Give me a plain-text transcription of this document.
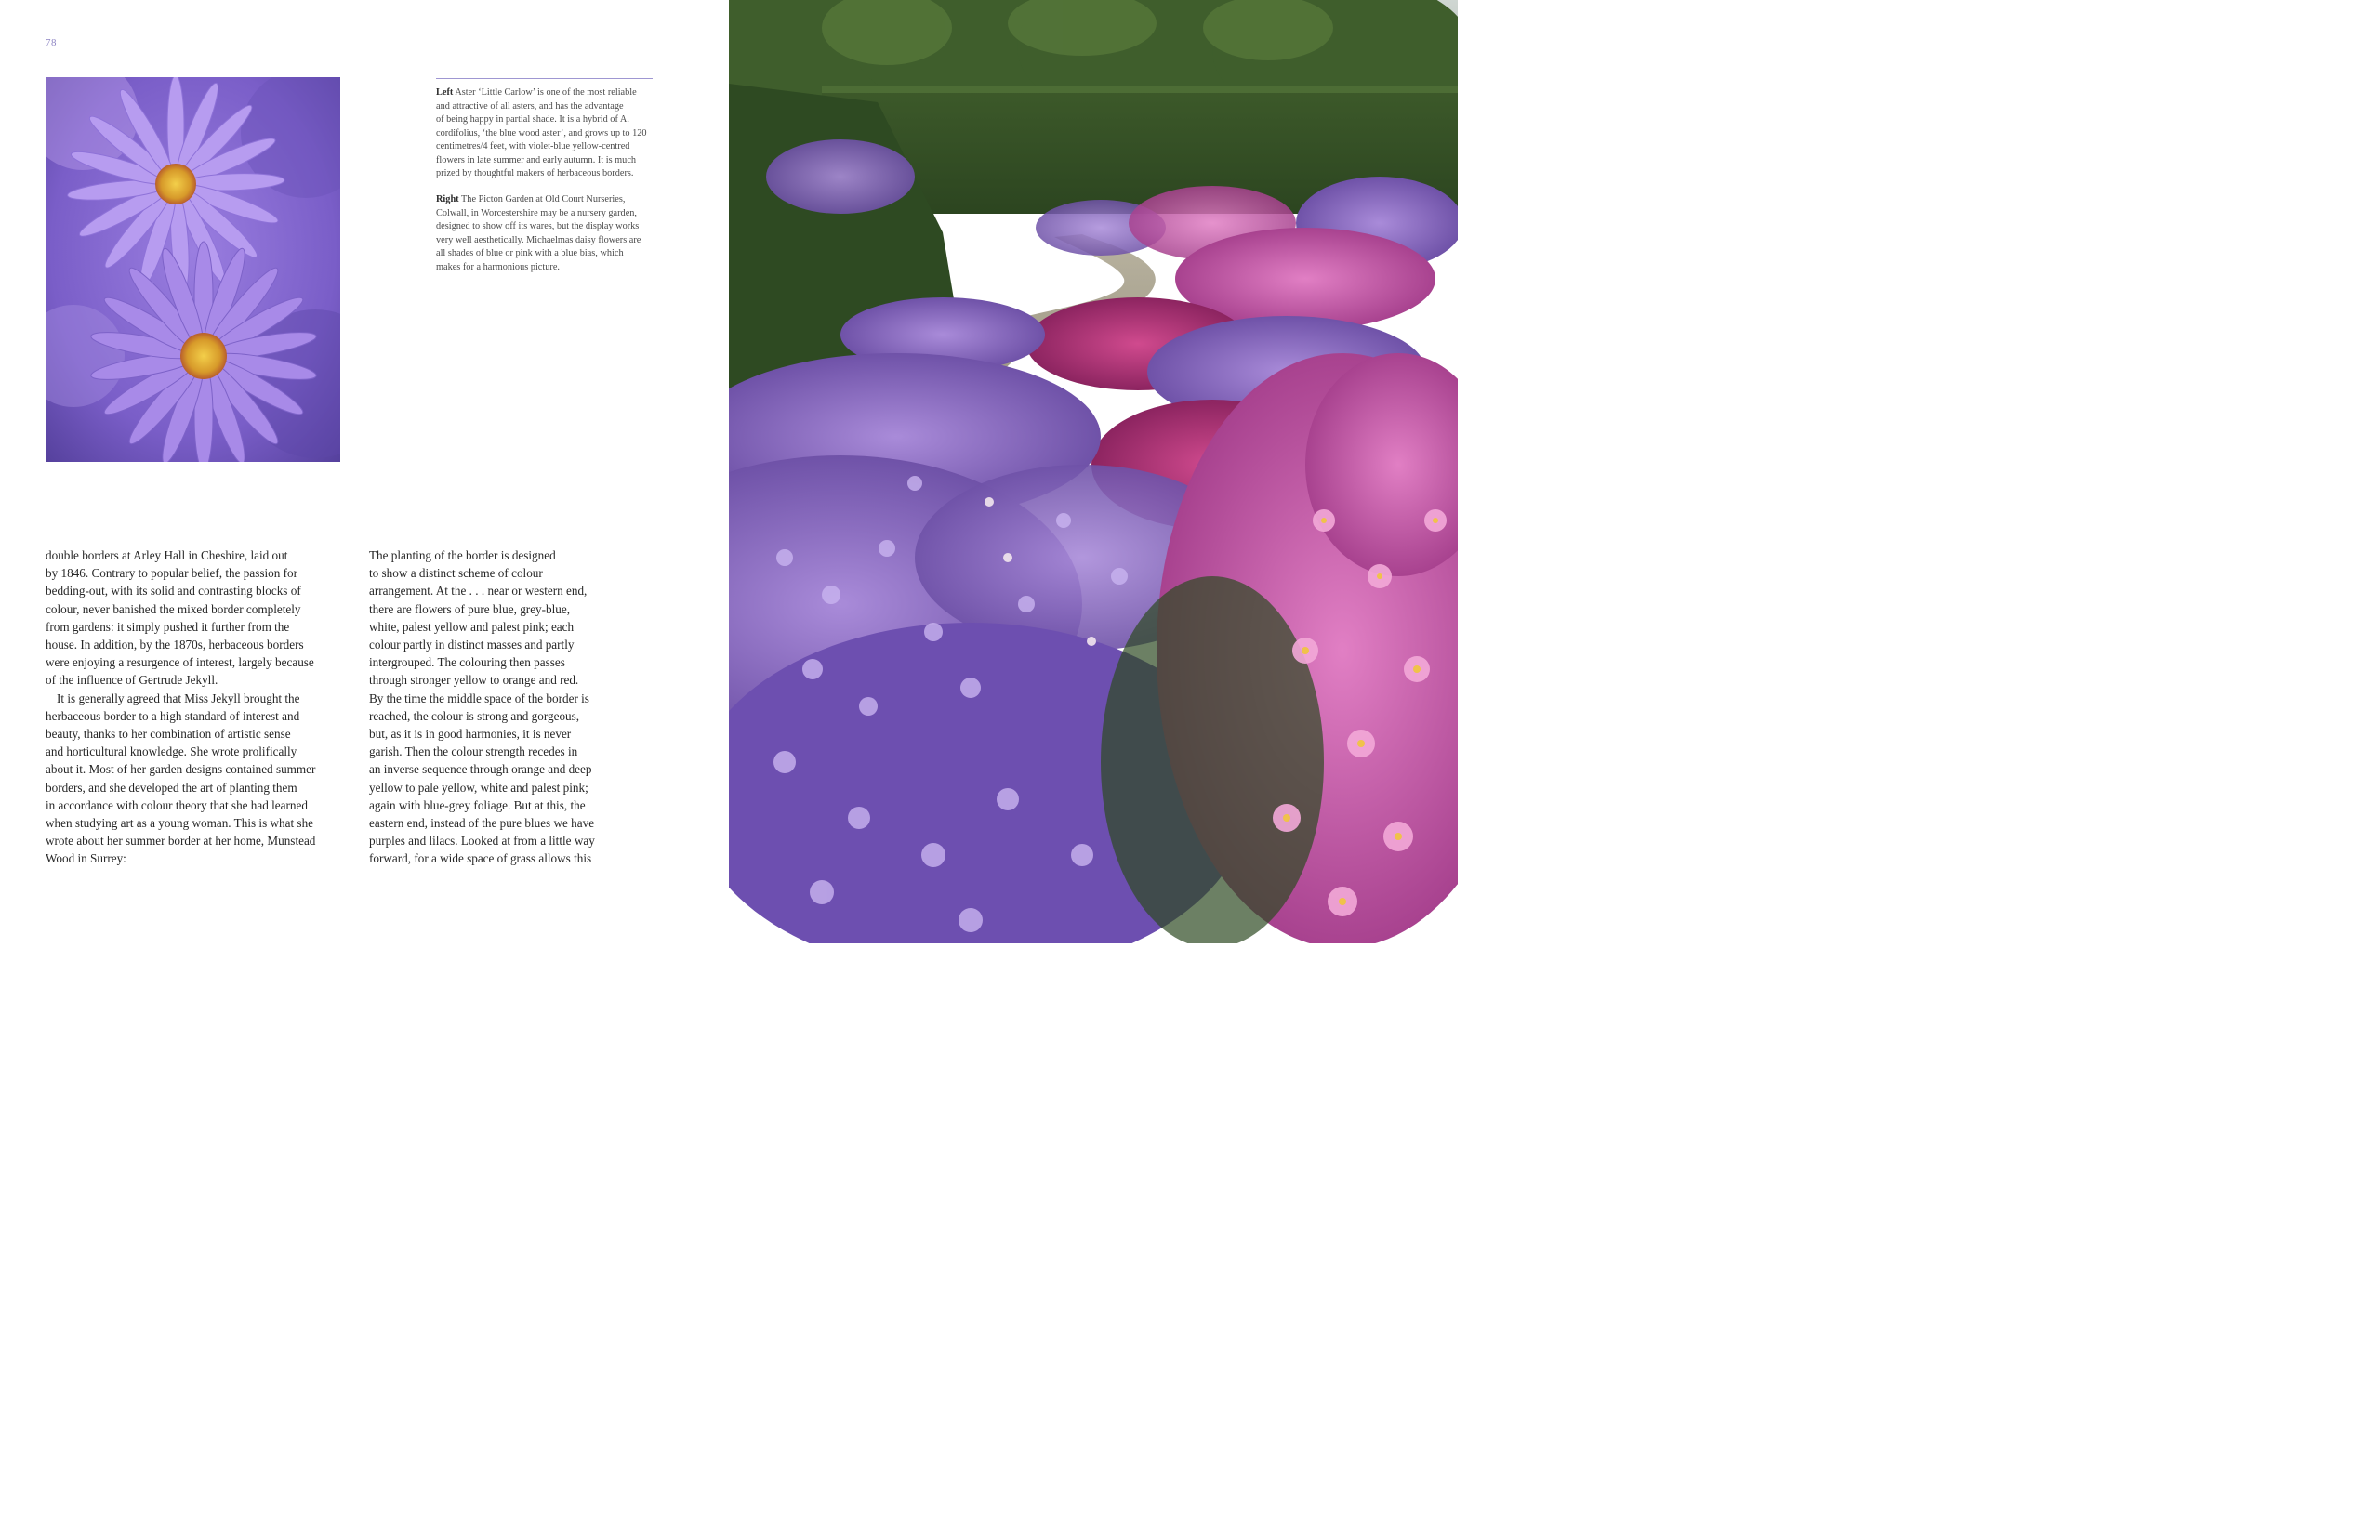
78
Left Aster ‘Little Carlow’ is one of the most reliable
and attractive of all asters, and has the advantage
of being happy in partial shade. It is a hybrid of A.
cordifolius, ‘the blue wood aster’, and grows up to 120
centimetres/4 feet, with violet-blue yellow-centred
flowers in late summer and early autumn. It is much
prized by thoughtful makers of herbaceous borders.
Right The Picton Garden at Old Court Nurseries,
Colwall, in Worcestershire may be a nursery garden,
designed to show off its wares, but the display works
very well aesthetically. Michaelmas daisy flowers are
all shades of blue or pink with a blue bias, which
makes for a harmonious picture.
double borders at Arley Hall in Cheshire, laid out
by 1846. Contrary to popular belief, the passion for
bedding-out, with its solid and contrasting blocks of
colour, never banished the mixed border completely
from gardens: it simply pushed it further from the
house. In addition, by the 1870s, herbaceous borders
were enjoying a resurgence of interest, largely because
of the influence of Gertrude Jekyll.
It is generally agreed that Miss Jekyll brought the
herbaceous border to a high standard of interest and
beauty, thanks to her combination of artistic sense
and horticultural knowledge. She wrote prolifically
about it. Most of her garden designs contained summer
borders, and she developed the art of planting them
in accordance with colour theory that she had learned
when studying art as a young woman. This is what she
wrote about her summer border at her home, Munstead
Wood in Surrey:
The planting of the border is designed
to show a distinct scheme of colour
arrangement. At the . . . near or western end,
there are flowers of pure blue, grey-blue,
white, palest yellow and palest pink; each
colour partly in distinct masses and partly
intergrouped. The colouring then passes
through stronger yellow to orange and red.
By the time the middle space of the border is
reached, the colour is strong and gorgeous,
but, as it is in good harmonies, it is never
garish. Then the colour strength recedes in
an inverse sequence through orange and deep
yellow to pale yellow, white and palest pink;
again with blue-grey foliage. But at this, the
eastern end, instead of the pure blues we have
purples and lilacs. Looked at from a little way
forward, for a wide space of grass allows this
